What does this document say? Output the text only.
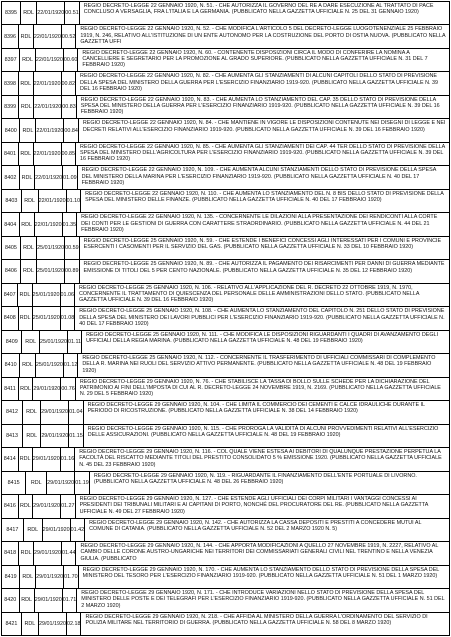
8395	RDL 22/01/1920 00.51
REGIO DECRETO-LEGGE 22 GENNAIO 1920, N. 51. - CHE AUTORIZZA IL GOVERNO DEL RE A DARE ESECUZIONE AL TRATTATO DI PACE CONCLUSO A VERSAGLIA, FRA L'ITALIA E LA GERMANIA. (PUBBLICATO NELLA GAZZETTA UFFICIALE N. 25 DEL 31 GENNAIO 1920)
8396 RDL 22/01/1920 00.52
REGIO DECRETO-LEGGE 22 GENNAIO 1920, N. 52. - CHE MODIFICA L'ARTICOLO 5 DEL DECRETO-LEGGE LUOGOTENENZIALE 25 FEBBRAIO 1919, N. 246, RELATIVO ALL'ISTITUZIONE DI UN ENTE AUTONOMO PER LA COSTRUZIONE DEL PORTO DI OSTIA NUOVA. (PUBBLICATO NELLA GAZZETTA UFFI
8397	RDL 22/01/1920 00.60
REGIO DECRETO-LEGGE 22 GENNAIO 1920, N. 60. - CONTENENTE DISPOSIZIONI CIRCA IL MODO DI CONFERIRE LA NOMINA A CANCELLIERE E SEGRETARIO PER LA PROMOZIONE AL GRADO SUPERIORE. (PUBBLICATO NELLA GAZZETTA UFFICIALE N. 31 DEL 7 FEBBRAIO 1920)
8398 RDL 22/01/1920 00.82
REGIO DECRETO-LEGGE 22 GENNAIO 1920, N. 82. - CHE AUMENTA GLI STANZIAMENTI DI ALCUNI CAPITOLI DELLO STATO DI PREVISIONE DELLA SPESA DEL MINISTERO DELLA GUERRA PER L'ESERCIZIO FINANZIARIO 1919-920. (PUBBLICATO NELLA GAZZETTA UFFICIALE N. 39 DEL 16 FEBBRAIO 1920)
8399 RDL 22/01/1920 00.83
REGIO DECRETO-LEGGE 22 GENNAIO 1920, N. 83. - CHE AUMENTA LO STANZIAMENTO DEL CAP. 35 DELLO STATO DI PREVISIONE DELLA SPESA DEL MINISTERO DELLA GUERRA PER L'ESERCIZIO FINANZIARIO 1919-920. (PUBBLICATO NELLA GAZZETTA UFFICIALE N. 39 DEL 16 FEBBRAIO 1920)
8400	RDL 22/01/1920 00.84
REGIO DECRETO-LEGGE 22 GENNAIO 1920, N. 84. - CHE MANTIENE IN VIGORE LE DISPOSIZIONI CONTENUTE NEI DISEGNI DI LEGGE E NEI DECRETI RELATIVI ALL'ESERCIZIO FINANZIARIO 1919-920. (PUBBLICATO NELLA GAZZETTA UFFICIALE N. 39 DEL 16 FEBBRAIO 1920)
8401 RDL 22/01/1920 00.85
REGIO DECRETO-LEGGE 22 GENNAIO 1920, N. 85. - CHE AUMENTA GLI STANZIAMENTI DEI CAP. 44 TER DELLO STATO DI PREVISIONE DELLA SPESA DEL MINISTERO DELL'AGRICOLTURA PER L'ESERCIZIO FINANZIARIO 1919-920. (PUBBLICATO NELLA GAZZETTA UFFICIALE N. 39 DEL 16 FEBBRAIO 1920)
8402 RDL 22/01/1920 01.09
REGIO DECRETO-LEGGE 22 GENNAIO 1920, N. 109. - CHE AUMENTA ALCUNI STANZIAMENTI DELLO STATO DI PREVISIONE DELLA SPESA DEL MINISTERO DELLA MARINA PER L'ESERCIZIO FINANZIARIO 1919-920. (PUBBLICATO NELLA GAZZETTA UFFICIALE N. 40 DEL 17 FEBBRAIO 1920)
8403	RDL 22/01/1920 01.10
REGIO DECRETO-LEGGE 22 GENNAIO 1920, N. 110. - CHE AUMENTA LO STANZIAMENTO DEL N. 8 BIS DELLO STATO DI PREVISIONE DELLA SPESA DEL MINISTERO DELLE FINANZE. (PUBBLICATO NELLA GAZZETTA UFFICIALE N. 40 DEL 17 FEBBRAIO 1920)
8404 RDL 22/01/1920 01.35
REGIO DECRETO-LEGGE 22 GENNAIO 1920, N. 135. - CONCERNENTE LE DILAZIONI ALLA PRESENTAZIONE DEI RENDICONTI ALLA CORTE DEI CONTI PER LE GESTIONI DI GUERRA CON CARATTERE STRAORDINARIO. (PUBBLICATO NELLA GAZZETTA UFFICIALE N. 44 DEL 21 FEBBRAIO 1920)
8405	RDL 25/01/1920 00.59
REGIO DECRETO-LEGGE 25 GENNAIO 1920, N. 59. - CHE ESTENDE I BENEFICI CONCESSI AGLI INTERESSATI PER I COMUNI E PROVINCIE ESERCENTI I CASOMENTI PER IL SERVIZIO DEL GAS. (PUBBLICATO NELLA GAZZETTA UFFICIALE N. 33 DEL 10 FEBBRAIO 1920)
8406	RDL 25/01/1920 00.89
REGIO DECRETO-LEGGE 25 GENNAIO 1920, N. 89. - CHE AUTORIZZA IL PAGAMENTO DEI RISARCIMENTI PER DANNI DI GUERRA MEDIANTE EMISSIONE DI TITOLI DEL 5 PER CENTO NAZIONALE. (PUBBLICATO NELLA GAZZETTA UFFICIALE N. 35 DEL 12 FEBBRAIO 1920)
8407 RDL 25/01/1920 01.06
REGIO DECRETO-LEGGE 25 GENNAIO 1920, N. 106. - RELATIVO ALL'APPLICAZIONE DEL R. DECRETO 22 OTTOBRE 1919, N. 1970, CONCERNENTE IL TRATTAMENTO DI QUIESCENZA DEL PERSONALE DELLE AMMINISTRAZIONI DELLO STATO. (PUBBLICATO NELLA GAZZETTA UFFICIALE N. 39 DEL 16 FEBBRAIO 1920)
8408 RDL 25/01/1920 01.08
REGIO DECRETO-LEGGE 25 GENNAIO 1920, N. 108. - CHE AUMENTA LO STANZIAMENTO DEL CAPITOLO N. 251 DELLO STATO DI PREVISIONE DELLA SPESA DEL MINISTERO DEI LAVORI PUBBLICI PER L'ESERCIZIO FINANZIARIO 1919-920. (PUBBLICATO NELLA GAZZETTA UFFICIALE N. 40 DEL 17 FEBBRAIO 1920)
8409	RDL 25/01/1920 01.11
REGIO DECRETO-LEGGE 25 GENNAIO 1920, N. 111. - CHE MODIFICA LE DISPOSIZIONI RIGUARDANTI I QUADRI DI AVANZAMENTO DEGLI UFFICIALI DELLA REGIA MARINA. (PUBBLICATO NELLA GAZZETTA UFFICIALE N. 48 DEL 19 FEBBRAIO 1920)
8410	RDL 25/01/1920 01.12
REGIO DECRETO-LEGGE 25 GENNAIO 1920, N. 112. - CONCERNENTE IL TRASFERIMENTO DI UFFICIALI COMMISSARI DI COMPLEMENTO DELLA R. MARINA NEI RUOLI DEL SERVIZIO ATTIVO PERMANENTE. (PUBBLICATO NELLA GAZZETTA UFFICIALE N. 48 DEL 19 FEBBRAIO 1920)
8411 RDL 29/01/1920 00.76
REGIO DECRETO-LEGGE 29 GENNAIO 1920, N. 76. - CHE STABILISCE LA TASSA DI BOLLO SULLE SCHEDE PER LA DICHIARAZIONE DEL PATRIMONIO AI FINI DELL'IMPOSTA DI CUI AL R. DECRETO-LEGGE 24 NOVEMBRE 1919, N. 2169. (PUBBLICATO NELLA GAZZETTA UFFICIALE N. 29 DEL 5 FEBBRAIO 1920)
8412	RDL 29/01/1920 01.04
REGIO DECRETO-LEGGE 29 GENNAIO 1920, N. 104. - CHE LIMITA IL COMMERCIO DEI CEMENTI E CALCE IDRAULICHE DURANTE IL PERIODO DI RICOSTRUZIONE. (PUBBLICATO NELLA GAZZETTA UFFICIALE N. 38 DEL 14 FEBBRAIO 1920)
8413	RDL 29/01/1920 01.15
REGIO DECRETO-LEGGE 29 GENNAIO 1920, N. 115. - CHE PROROGA LA VALIDITÀ DI ALCUNI PROVVEDIMENTI RELATIVI ALL'ESERCIZIO DELLE ASSICURAZIONI. (PUBBLICATO NELLA GAZZETTA UFFICIALE N. 48 DEL 19 FEBBRAIO 1920)
8414 RDL 29/01/1920 01.16
REGIO DECRETO-LEGGE 29 GENNAIO 1920, N. 116. - COL QUALE VIENE ESTESA AI DEBITORI DI QUALUNQUE PRESTAZIONE PERPETUA LA FACOLTÀ DEL RISCATTO MEDIANTE TITOLI DEL PRESTITO CONSOLIDATO 5 % EMISSIONE 1920. (PUBBLICATO NELLA GAZZETTA UFFICIALE N. 45 DEL 23 FEBBRAIO 1920)
8415	RDL	29/01/1920 01.19
REGIO DECRETO-LEGGE 29 GENNAIO 1920, N. 119. - RIGUARDANTE IL FINANZIAMENTO DELL'ENTE PORTUALE DI LIVORNO. (PUBBLICATO NELLA GAZZETTA UFFICIALE N. 48 DEL 26 FEBBRAIO 1920)
8416 RDL 29/01/1920 01.27
REGIO DECRETO-LEGGE 29 GENNAIO 1920, N. 127. - CHE ESTENDE AGLI UFFICIALI DEI CORPI MILITARI I VANTAGGI CONCESSI AI PRESIDENTI DEI TRIBUNALI MILITARI E AI CAPITANI DI PORTO, NONCHÉ DEL PROCURATORE DEL RE. (PUBBLICATO NELLA GAZZETTA UFFICIALE N. 49 DEL 27 FEBBRAIO 1920)
8417	RDL 29/01/1920 01.42
REGIO DECRETO-LEGGE 29 GENNAIO 1920, N. 142. - CHE AUTORIZZA LA CASSA DEPOSITI E PRESTITI A CONCEDERE MUTUI AL COMUNE DI CATANIA. (PUBBLICATO NELLA GAZZETTA UFFICIALE N. 52 DEL 2 MARZO 1920 N. 5)
8418 RDL 29/01/1920 01.44
REGIO DECRETO-LEGGE 29 GENNAIO 1920, N. 144. - CHE APPORTA MODIFICAZIONI A QUELLO 27 NOVEMBRE 1919, N. 2227, RELATIVO AL CAMBIO DELLE CORONE AUSTRO-UNGARICHE NEI TERRITORI DEI COMMISSARIATI GENERALI CIVILI NEL TRENTINO E NELLA VENEZIA GIULIA. (PUBBLICATO
8419	RDL 29/01/1920 01.70
REGIO DECRETO-LEGGE 29 GENNAIO 1920, N. 170. - CHE AUMENTA LO STANZIAMENTO DELLO STATO DI PREVISIONE DELLA SPESA DEL MINISTERO DEL TESORO PER L'ESERCIZIO FINANZIARIO 1919-920. (PUBBLICATO NELLA GAZZETTA UFFICIALE N. 51 DEL 1 MARZO 1920)
8420 RDL 29/01/1920 01.71
REGIO DECRETO-LEGGE 29 GENNAIO 1920, N. 171. - CHE INTRODUCE VARIAZIONI NELLO STATO DI PREVISIONE DELLA SPESA DEL MINISTERO DELLE POSTE E DEI TELEGRAFI PER L'ESERCIZIO FINANZIARIO 1919-920. (PUBBLICATO NELLA GAZZETTA UFFICIALE N. 51 DEL 2 MARZO 1920)
8421	RDL 29/01/1920 02.18
REGIO DECRETO-LEGGE 29 GENNAIO 1920, N. 218. - CHE AFFIDA AL MINISTERO DELLA GUERRA L'ORDINAMENTO DEL SERVIZIO DI POLIZIA MILITARE NEL TERRITORIO DI GUERRA. (PUBBLICATO NELLA GAZZETTA UFFICIALE N. 58 DEL 8 MARZO 1920)
